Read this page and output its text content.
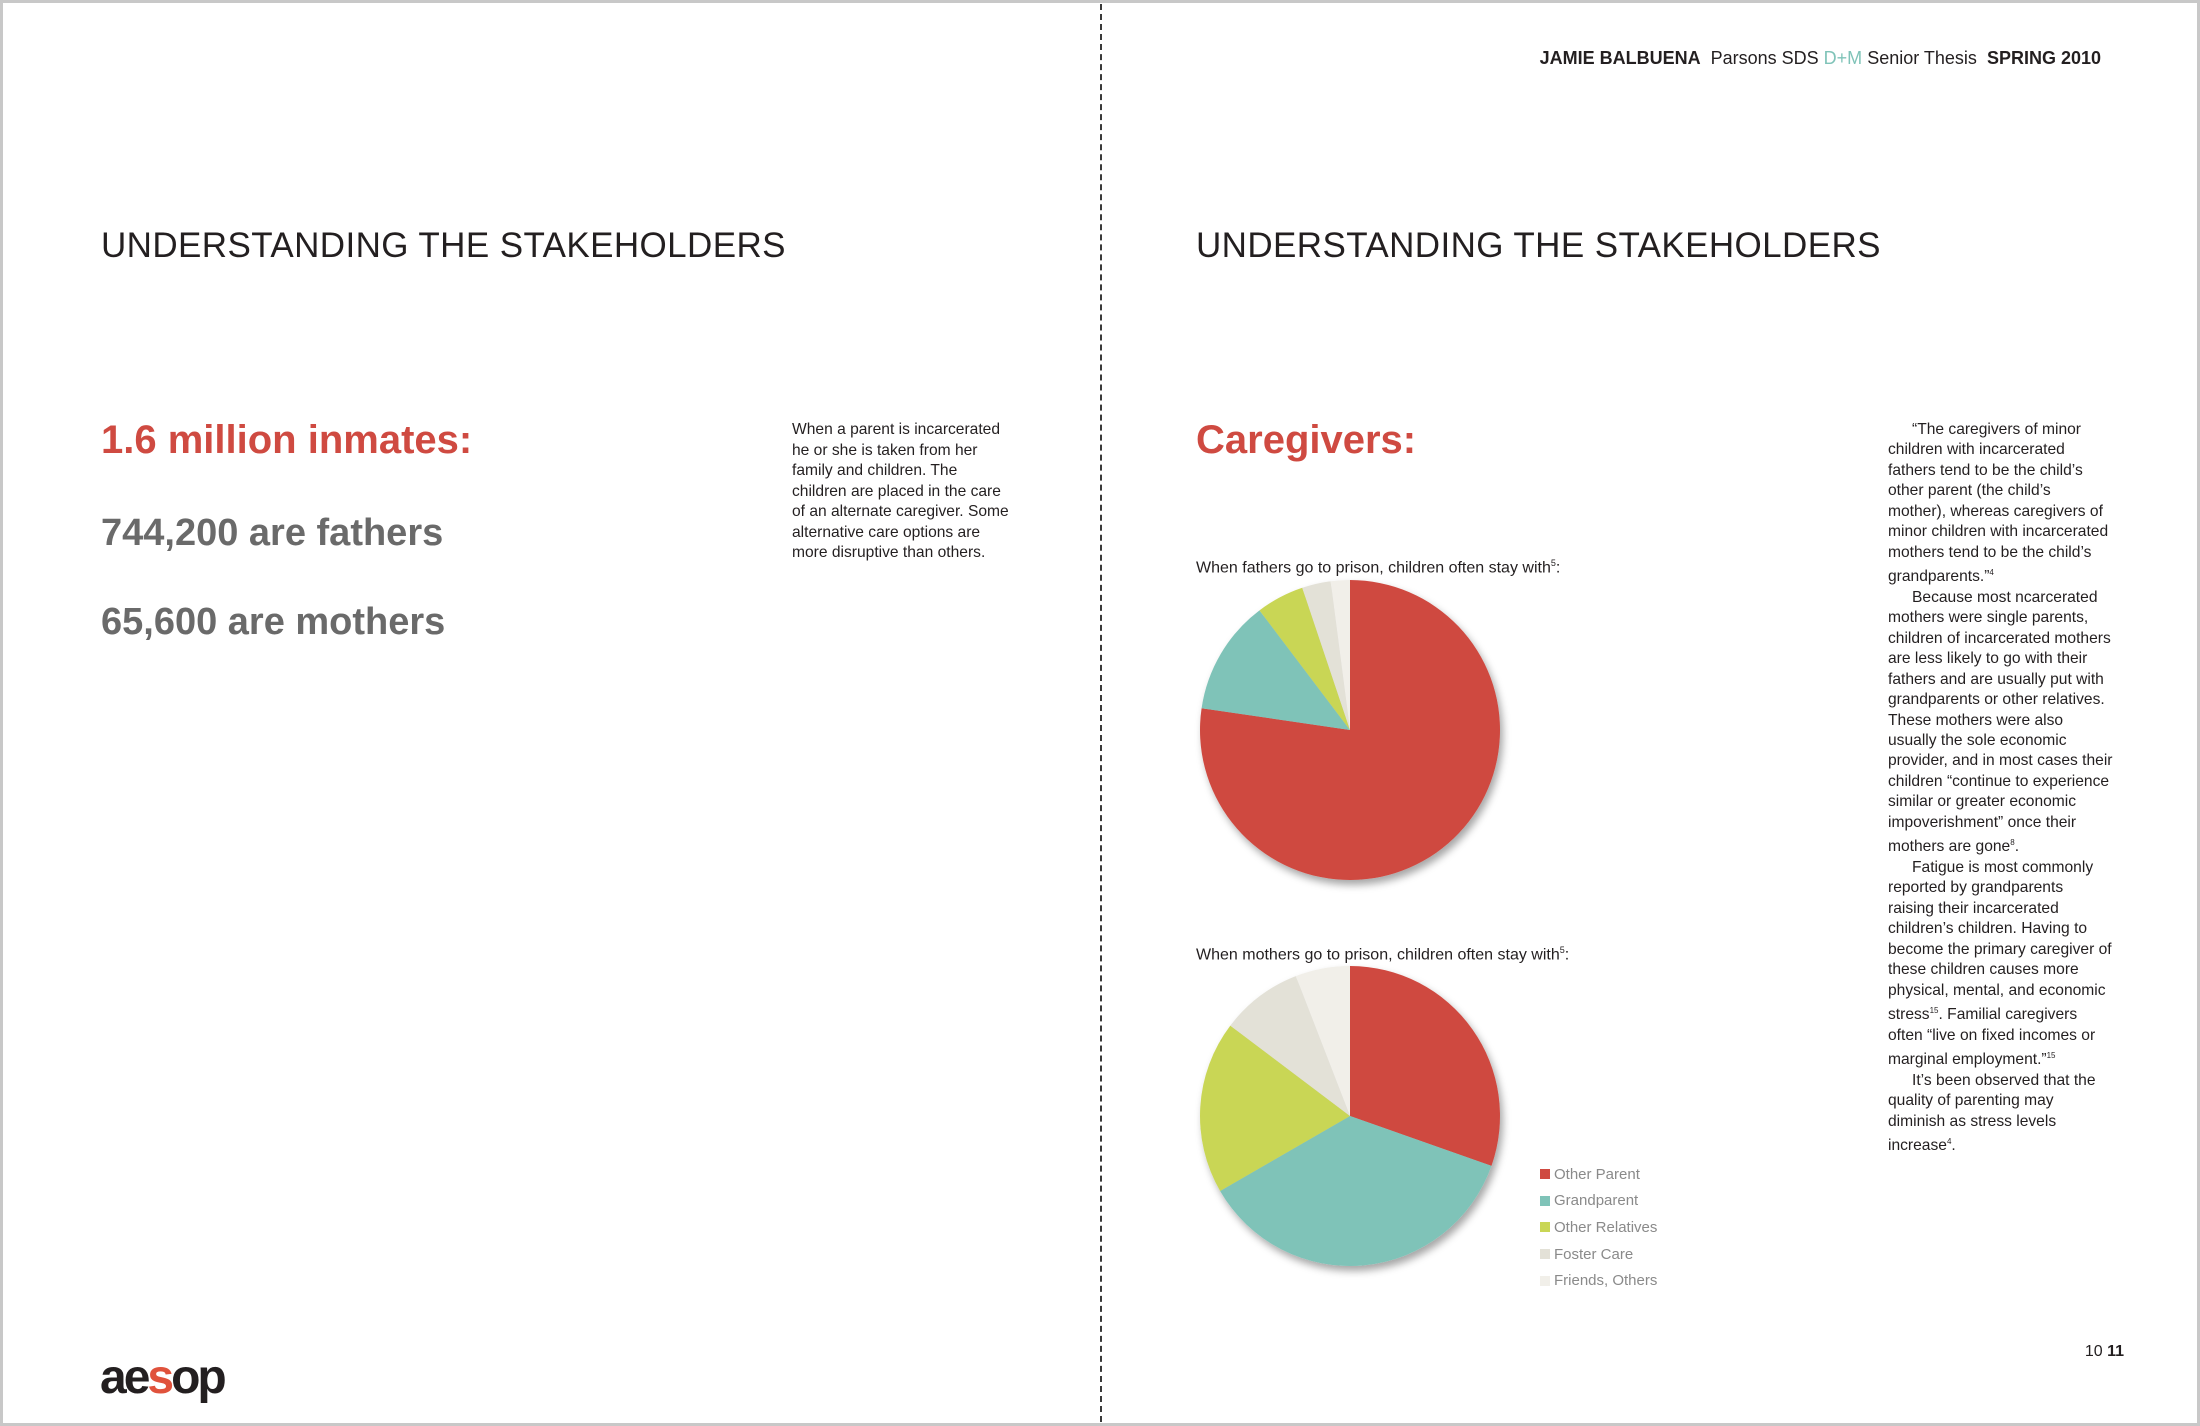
UNDERSTANDING THE STAKEHOLDERS
1.6 million inmates:
744,200 are fathers
65,600 are mothers
When a parent is incarcerated he or she is taken from her family and children. The children are placed in the care of an alternate caregiver. Some alternative care options are more disruptive than others.
aesop
JAMIE BALBUENA Parsons SDS D+M Senior Thesis SPRING 2010
UNDERSTANDING THE STAKEHOLDERS
Caregivers:
When fathers go to prison, children often stay with$^5$:
When mothers go to prison, children often stay with$^5$:
Other Parent
Grandparent
Other Relatives
Foster Care
Friends, Others

“The caregivers of minor children with incarcerated fathers tend to be the child’s other parent (the child’s mother), whereas caregivers of minor children with incarcerated mothers tend to be the child’s grandparents.”$^4$

Because most ncarcerated mothers were single parents, children of incarcerated mothers are less likely to go with their fathers and are usually put with grandparents or other relatives. These mothers were also usually the sole economic provider, and in most cases their children “continue to experience similar or greater economic impoverishment” once their mothers are gone$^8$.

Fatigue is most commonly reported by grandparents raising their incarcerated children’s children. Having to become the primary caregiver of these children causes more physical, mental, and economic stress$^{15}$. Familial caregivers often “live on fixed incomes or marginal employment.”$^{15}$

It’s been observed that the quality of parenting may diminish as stress levels increase$^4$.

10 11
